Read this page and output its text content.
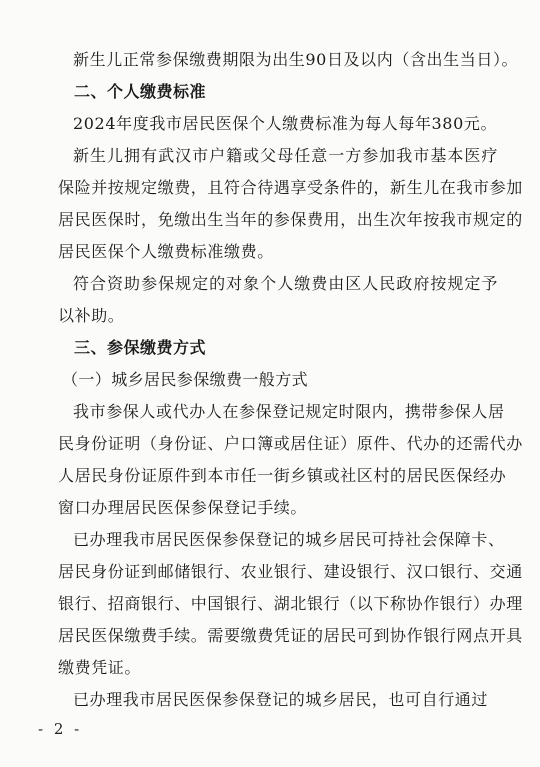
新生儿正常参保缴费期限为出生90日及以内（含出生当日）。
二、个人缴费标准
2024年度我市居民医保个人缴费标准为每人每年380元。
新生儿拥有武汉市户籍或父母任意一方参加我市基本医疗
保险并按规定缴费，且符合待遇享受条件的，新生儿在我市参加
居民医保时，免缴出生当年的参保费用，出生次年按我市规定的
居民医保个人缴费标准缴费。
符合资助参保规定的对象个人缴费由区人民政府按规定予
以补助。
三、参保缴费方式
（一）城乡居民参保缴费一般方式
我市参保人或代办人在参保登记规定时限内，携带参保人居
民身份证明（身份证、户口簿或居住证）原件、代办的还需代办
人居民身份证原件到本市任一街乡镇或社区村的居民医保经办
窗口办理居民医保参保登记手续。
已办理我市居民医保参保登记的城乡居民可持社会保障卡、
居民身份证到邮储银行、农业银行、建设银行、汉口银行、交通
银行、招商银行、中国银行、湖北银行（以下称协作银行）办理
居民医保缴费手续。需要缴费凭证的居民可到协作银行网点开具
- 2 -
缴费凭证。
已办理我市居民医保参保登记的城乡居民，也可自行通过
